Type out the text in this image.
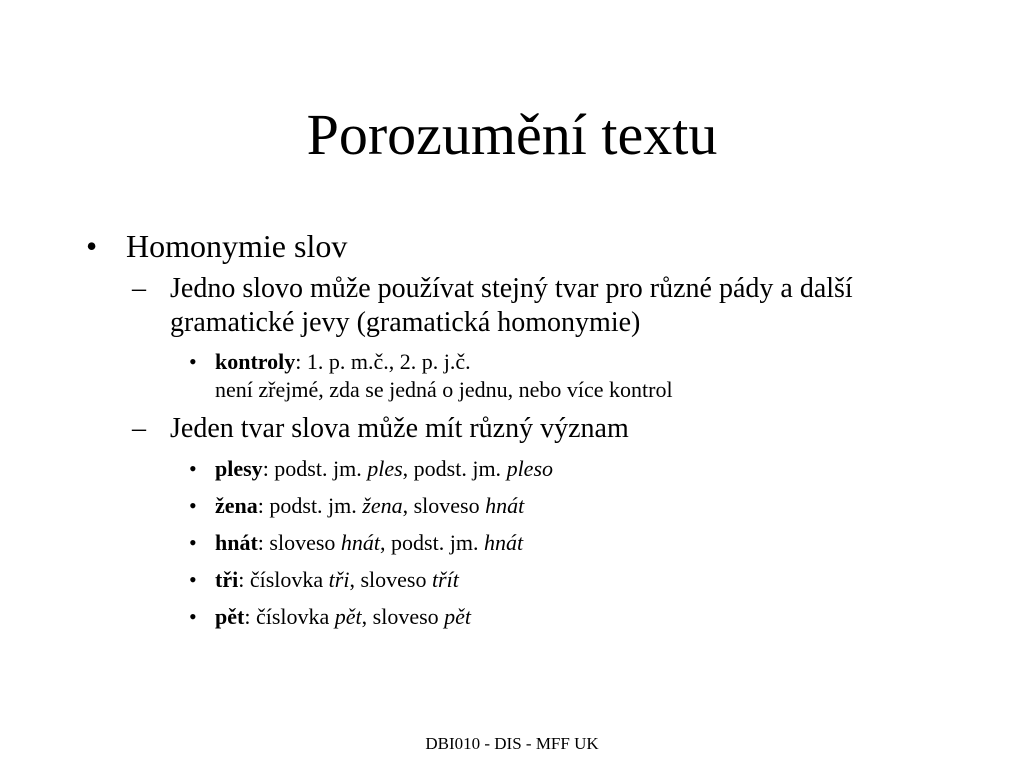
Porozumění textu
• Homonymie slov
– Jedno slovo může používat stejný tvar pro různé pády a další gramatické jevy (gramatická homonymie)
• kontroly: 1. p. m.č., 2. p. j.č.
není zřejmé, zda se jedná o jednu, nebo více kontrol
– Jeden tvar slova může mít různý význam
• plesy: podst. jm. ples, podst. jm. pleso
• žena: podst. jm. žena, sloveso hnát
• hnát: sloveso hnát, podst. jm. hnát
• tři: číslovka tři, sloveso třít
• pět: číslovka pět, sloveso pět
DBI010 - DIS - MFF UK
